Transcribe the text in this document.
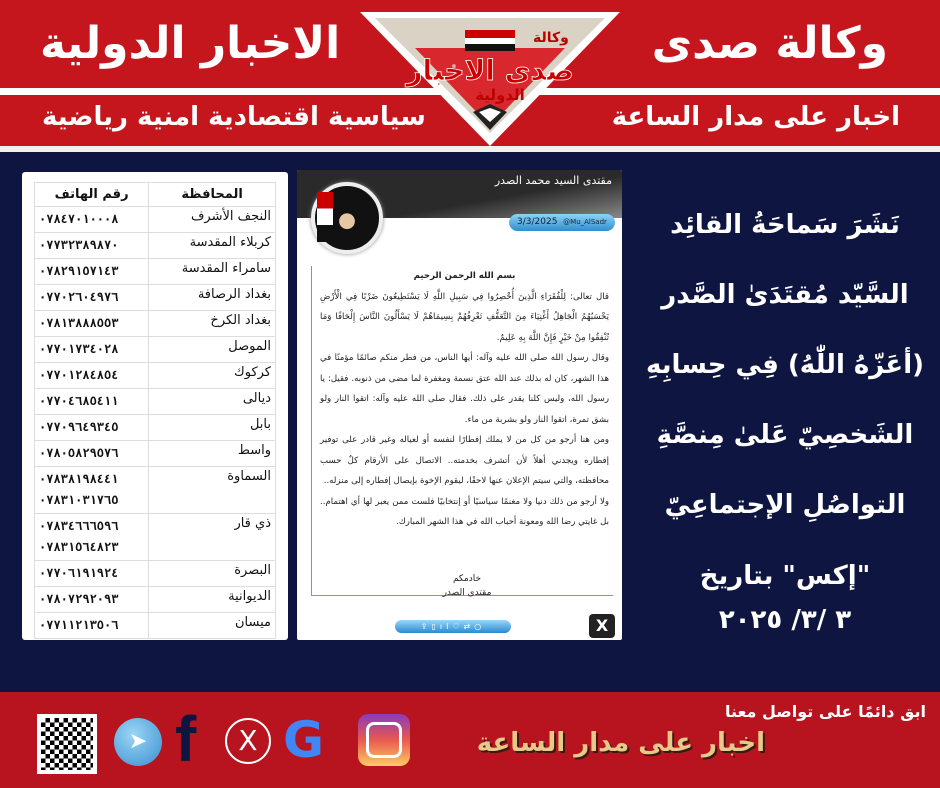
وكالة صدى
الاخبار الدولية
اخبار على مدار الساعة
سياسية اقتصادية امنية رياضية
وكالة
صدى الاخبار
الدولية
المحافظة	رقم الهاتف
النجف الأشرف	٠٧٨٤٧٠١٠٠٠٨

كربلاء المقدسة	٠٧٧٣٢٣٨٩٨٧٠

سامراء المقدسة	٠٧٨٢٩١٥٧١٤٣

بغداد الرصافة	٠٧٧٠٢٦٠٤٩٧٦

بغداد الكرخ	٠٧٨١٣٨٨٨٥٥٣

الموصل	٠٧٧٠١٧٣٤٠٢٨

كركوك	٠٧٧٠١٢٨٤٨٥٤

ديالى	٠٧٧٠٤٦٨٥٤١١

بابل	٠٧٧٠٩٦٤٩٣٤٥

واسط	٠٧٨٠٥٨٢٩٥٧٦

السماوة	٠٧٨٣٨١٩٨٤٤١
٠٧٨٣١٠٣١٧٦٥

ذي قار	٠٧٨٣٤٦٦٦٥٩٦
٠٧٨٣١٥٦٤٨٢٣

البصرة	٠٧٧٠٦١٩١٩٢٤

الديوانية	٠٧٨٠٧٢٩٢٠٩٣

ميسان	٠٧٧١١٢١٣٥٠٦
مقتدى السيد محمد الصدر
3/3/2025 @Mu_AlSadr
بسم الله الرحمن الرحيم
قال تعالى: لِلْفُقَرَاءِ الَّذِينَ أُحْصِرُوا فِي سَبِيلِ اللَّهِ لَا يَسْتَطِيعُونَ ضَرْبًا فِي الْأَرْضِ يَحْسَبُهُمُ الْجَاهِلُ أَغْنِيَاءَ مِنَ التَّعَفُّفِ تَعْرِفُهُمْ بِسِيمَاهُمْ لَا يَسْأَلُونَ النَّاسَ إِلْحَافًا وَمَا تُنْفِقُوا مِنْ خَيْرٍ فَإِنَّ اللَّهَ بِهِ عَلِيمٌ.
وقال رسول الله صلى الله عليه وآله: أيها الناس، من فطر منكم صائمًا مؤمنًا في هذا الشهر، كان له بذلك عند الله عتق نسمة ومغفرة لما مضى من ذنوبه. فقيل: يا رسول الله، وليس كلنا يقدر على ذلك. فقال صلى الله عليه وآله: اتقوا النار ولو بشق تمرة، اتقوا النار ولو بشربة من ماء.
ومن هنا أرجو من كل من لا يملك إفطارًا لنفسه أو لعياله وغير قادر على توفير إفطاره ويجدني أهلاً لأن أتشرف بخدمته.. الاتصال على الأرقام كلٌ حسب محافظته، والتي سيتم الإعلان عنها لاحقًا، ليقوم الإخوة بإيصال إفطاره إلى منزله..
ولا أرجو من ذلك دنيا ولا مغنمًا سياسيًا أو إنتخابيًا فلست ممن يعبر لها أي اهتمام.. بل غايتي رضا الله ومعونة أحباب الله في هذا الشهر المبارك.
خادمكم
مقتدى الصدر
⇪▯ıl♡⇄○	X
نَشَرَ سَماحَةُ القائِد
السَّيّد مُقتَدَىٰ الصَّدر
(أعَزّهُ اللّٰهُ) فِي حِسابِهِ
الشَخصِيّ عَلىٰ مِنصَّةِ
التواصُلِ الإجتماعِيّ
"إكس" بتاريخ
٣ /٣/ ٢٠٢٥
ابق دائمًا على تواصل معنا
اخبار على مدار الساعة
G
X
f
➤
